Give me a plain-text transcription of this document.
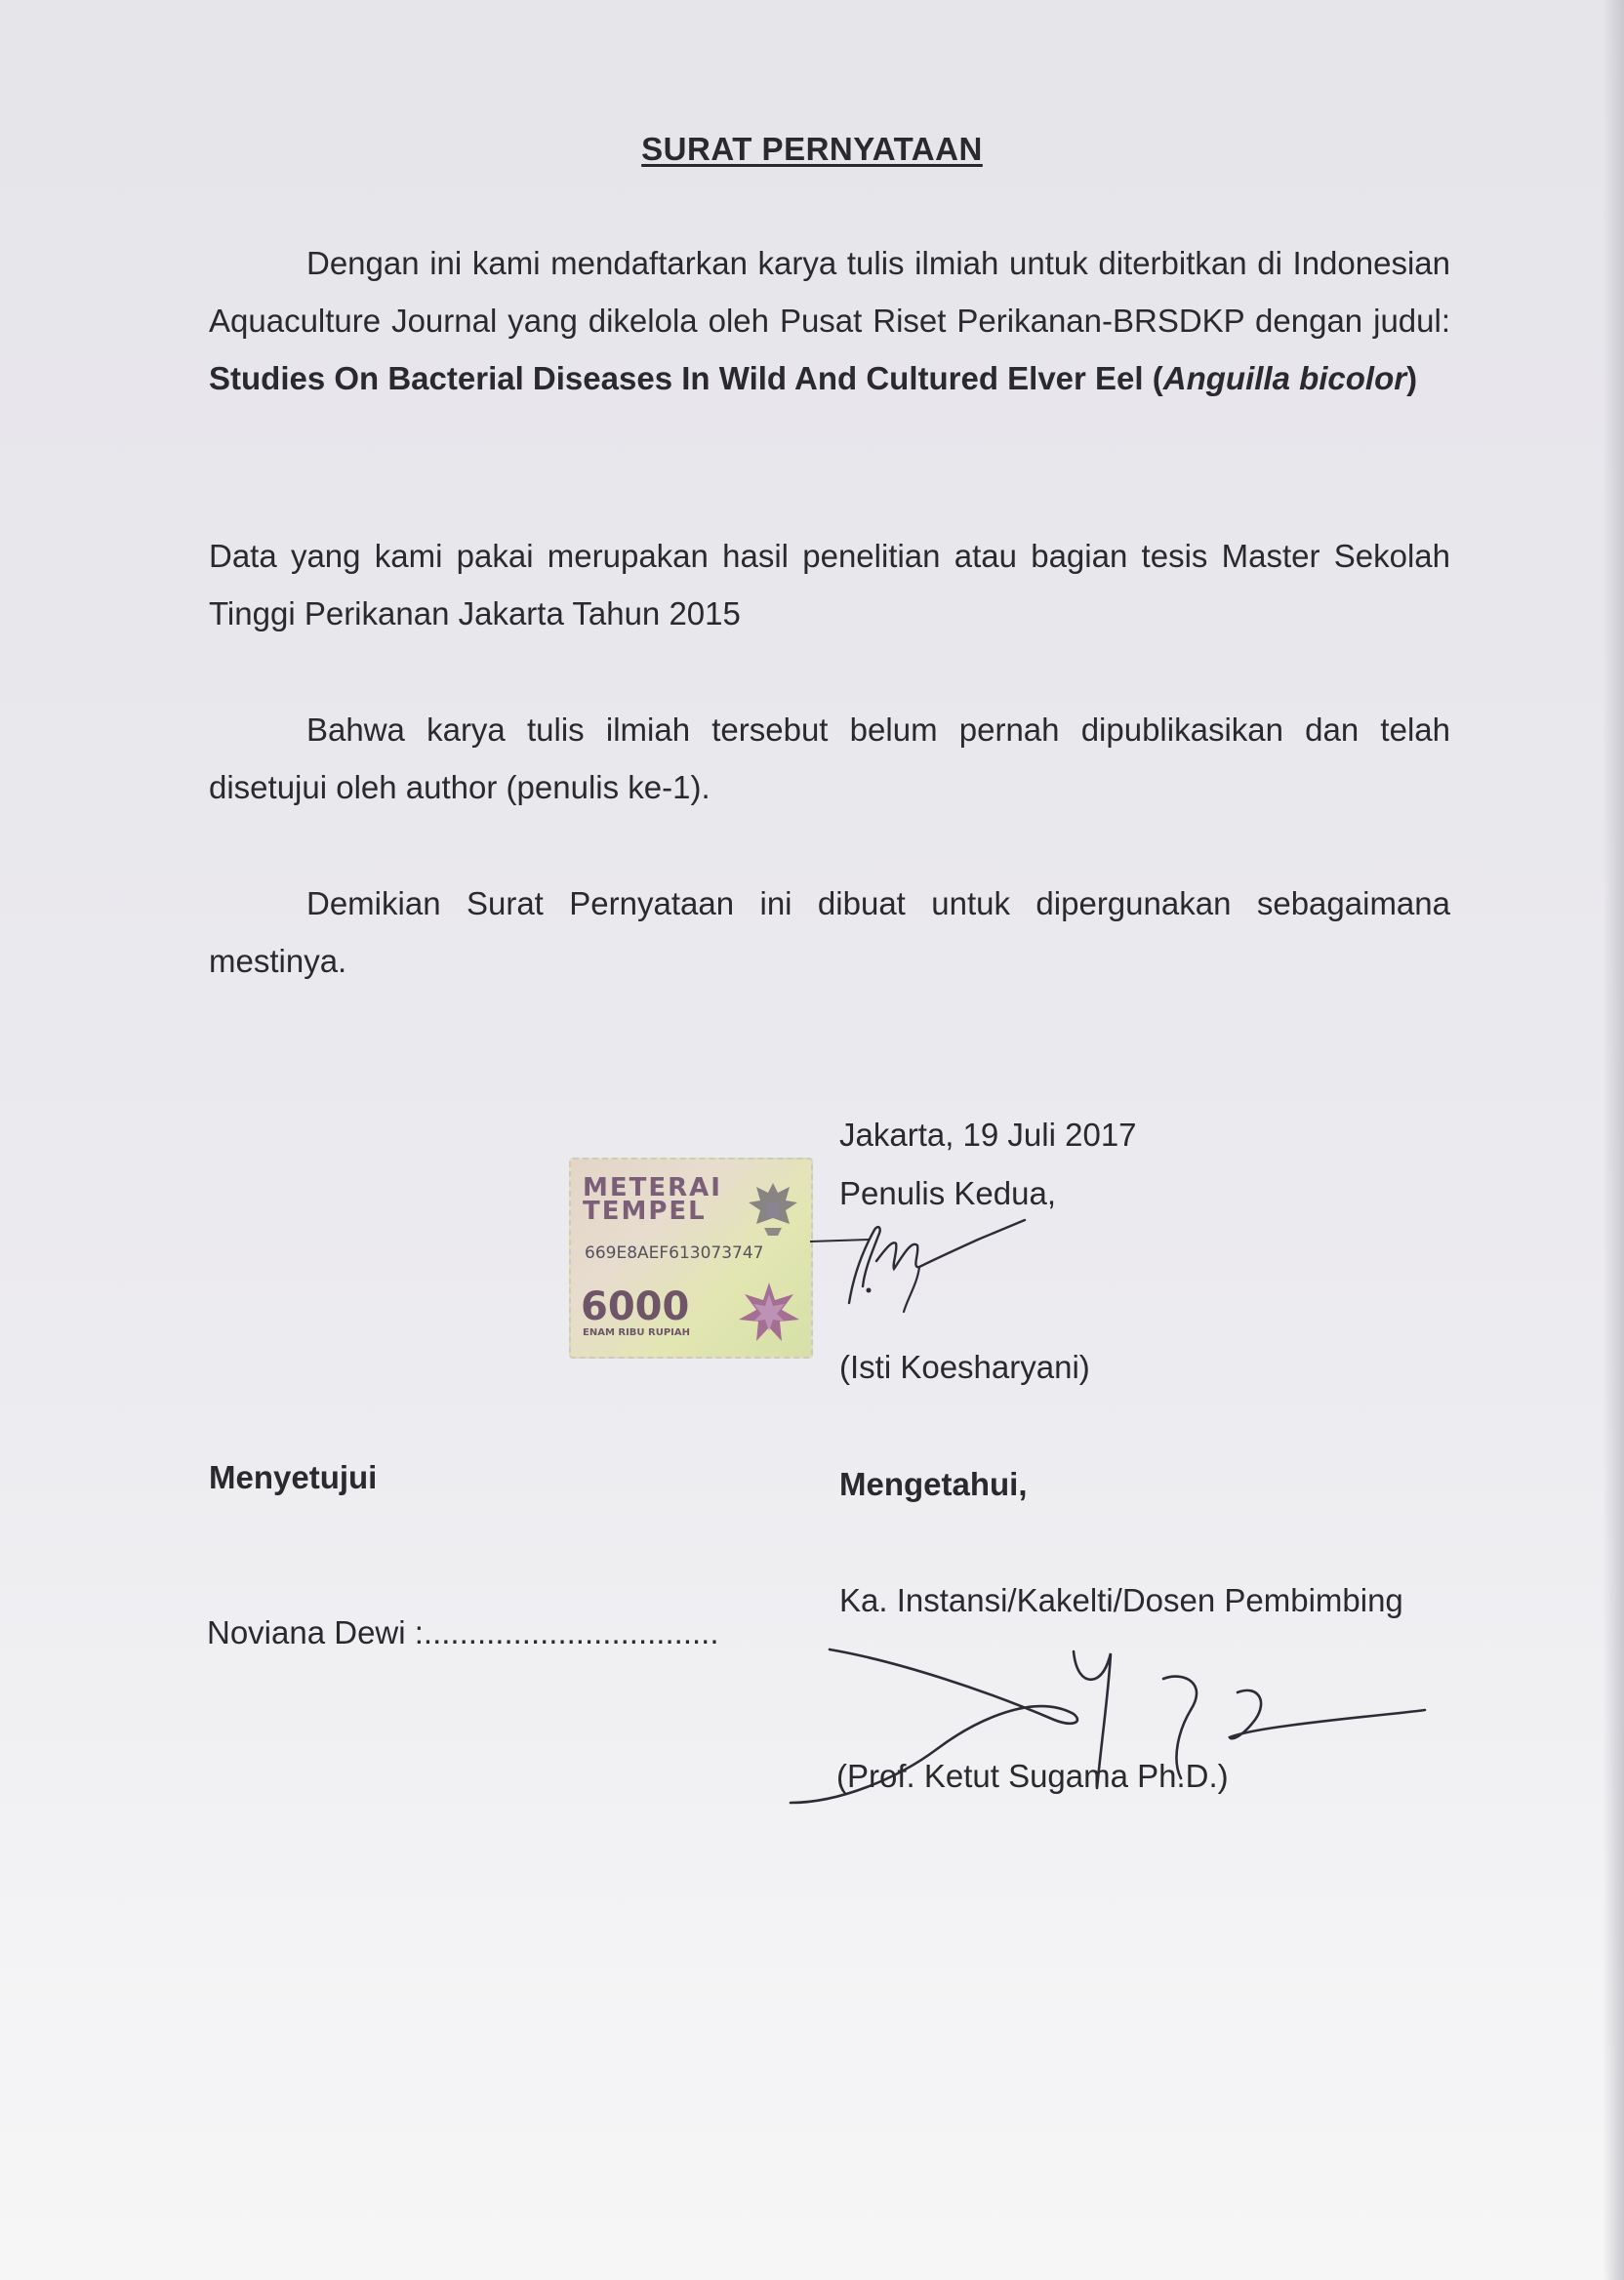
SURAT PERNYATAAN
Dengan ini kami mendaftarkan karya tulis ilmiah untuk diterbitkan di Indonesian Aquaculture Journal yang dikelola oleh Pusat Riset Perikanan-BRSDKP dengan judul: Studies On Bacterial Diseases In Wild And Cultured Elver Eel (Anguilla bicolor)
Data yang kami pakai merupakan hasil penelitian atau bagian tesis Master Sekolah Tinggi Perikanan Jakarta Tahun 2015
Bahwa karya tulis ilmiah tersebut belum pernah dipublikasikan dan telah disetujui oleh author (penulis ke-1).
Demikian Surat Pernyataan ini dibuat untuk dipergunakan sebagaimana mestinya.
Jakarta, 19 Juli 2017
Penulis Kedua,
METERAI
TEMPEL
669E8AEF613073747
6000
ENAM RIBU RUPIAH
(Isti Koesharyani)
Menyetujui	Mengetahui,
Ka. Instansi/Kakelti/Dosen Pembimbing
Noviana Dewi :.................................
(Prof. Ketut Sugama Ph.D.)
